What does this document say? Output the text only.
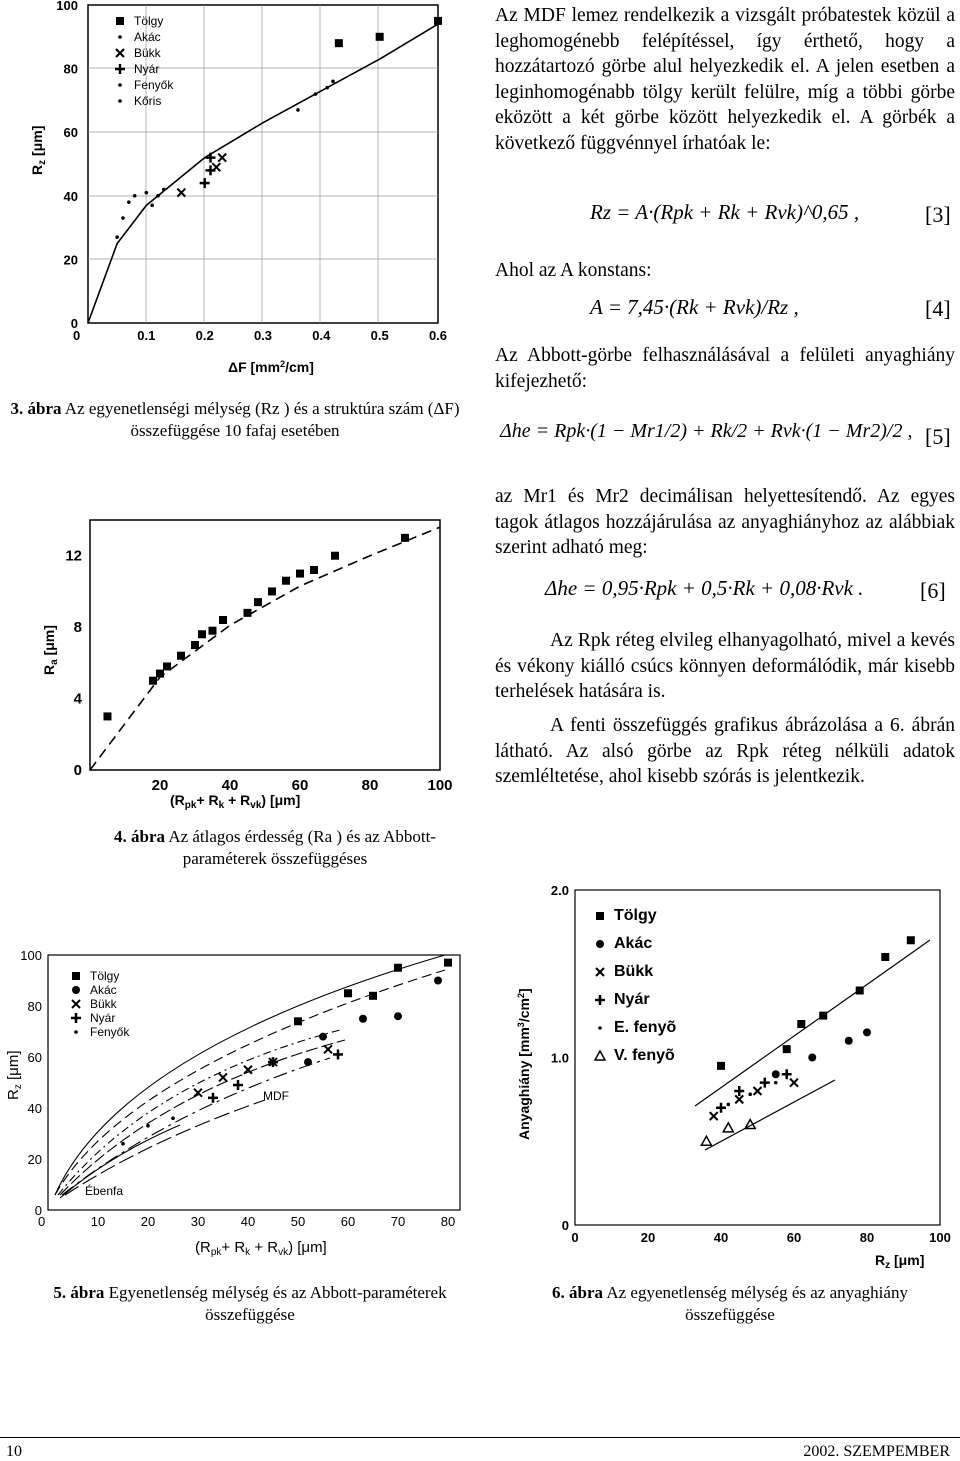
0
20
40
60
80
100
0.1	0.2	0.3	0.4	0.5	0.6
0
$R_z$ [μm]
ΔF $[mm^2/cm]$
Tölgy
Akác
Bükk
Nyár
Fenyők
Kőris
3. ábra Az egyenetlenségi mélység (Rz ) és a struktúra szám (ΔF) összefüggése 10 fafaj esetében
0
4
8
12
20	40	60	80	100
$R_a$ [μm]
$(R_{pk}+ R_k + R_{vk})$ [μm]
4. ábra Az átlagos érdesség (Ra ) és az Abbott-paraméterek összefüggéses
Az MDF lemez rendelkezik a vizsgált próbatestek közül a leghomogénebb felépítéssel, így érthető, hogy a hozzátartozó görbe alul helyezkedik el. A jelen esetben a leginhomogénabb tölgy került felülre, míg a többi görbe eközött a két görbe között helyezkedik el. A görbék a következő függvénnyel írhatóak le:
Rz = A·(Rpk + Rk + Rvk)^0,65 ,	[3]
Ahol az A konstans:
A = 7,45·(Rk + Rvk)/Rz ,	[4]
Az Abbott-görbe felhasználásával a felületi anyaghiány kifejezhető:
Δhe = Rpk·(1 − Mr1/2) + Rk/2 + Rvk·(1 − Mr2)/2 , [5]
az Mr1 és Mr2 decimálisan helyettesítendő. Az egyes tagok átlagos hozzájárulása az anyaghiányhoz az alábbiak szerint adható meg:
Δhe = 0,95·Rpk + 0,5·Rk + 0,08·Rvk .	[6]
Az Rpk réteg elvileg elhanyagolható, mivel a kevés és vékony kiálló csúcs könnyen deformálódik, már kisebb terhelések hatására is.
A fenti összefüggés grafikus ábrázolása a 6. ábrán látható. Az alsó görbe az Rpk réteg nélküli adatok szemléltetése, ahol kisebb szórás is jelentkezik.
0
20
40
60
80
100
10	20	30	40	50	60	70	80
0
$R_z$ [μm]
$(R_{pk}+ R_k + R_{vk})$ [μm]
Tölgy
Akác
Bükk
Nyár
Fenyők
MDF
Ébenfa
5. ábra Egyenetlenség mélység és az Abbott-paraméterek összefüggése
0
1.0
2.0
0	20	40	60	80	100
Anyaghiány $[mm^3/cm^2]$
$R_z$ [μm]
Tölgy
Akác
Bükk
Nyár
E. fenyõ
V. fenyõ
6. ábra Az egyenetlenség mélység és az anyaghiány összefüggése
10	2002. SZEMPEMBER
